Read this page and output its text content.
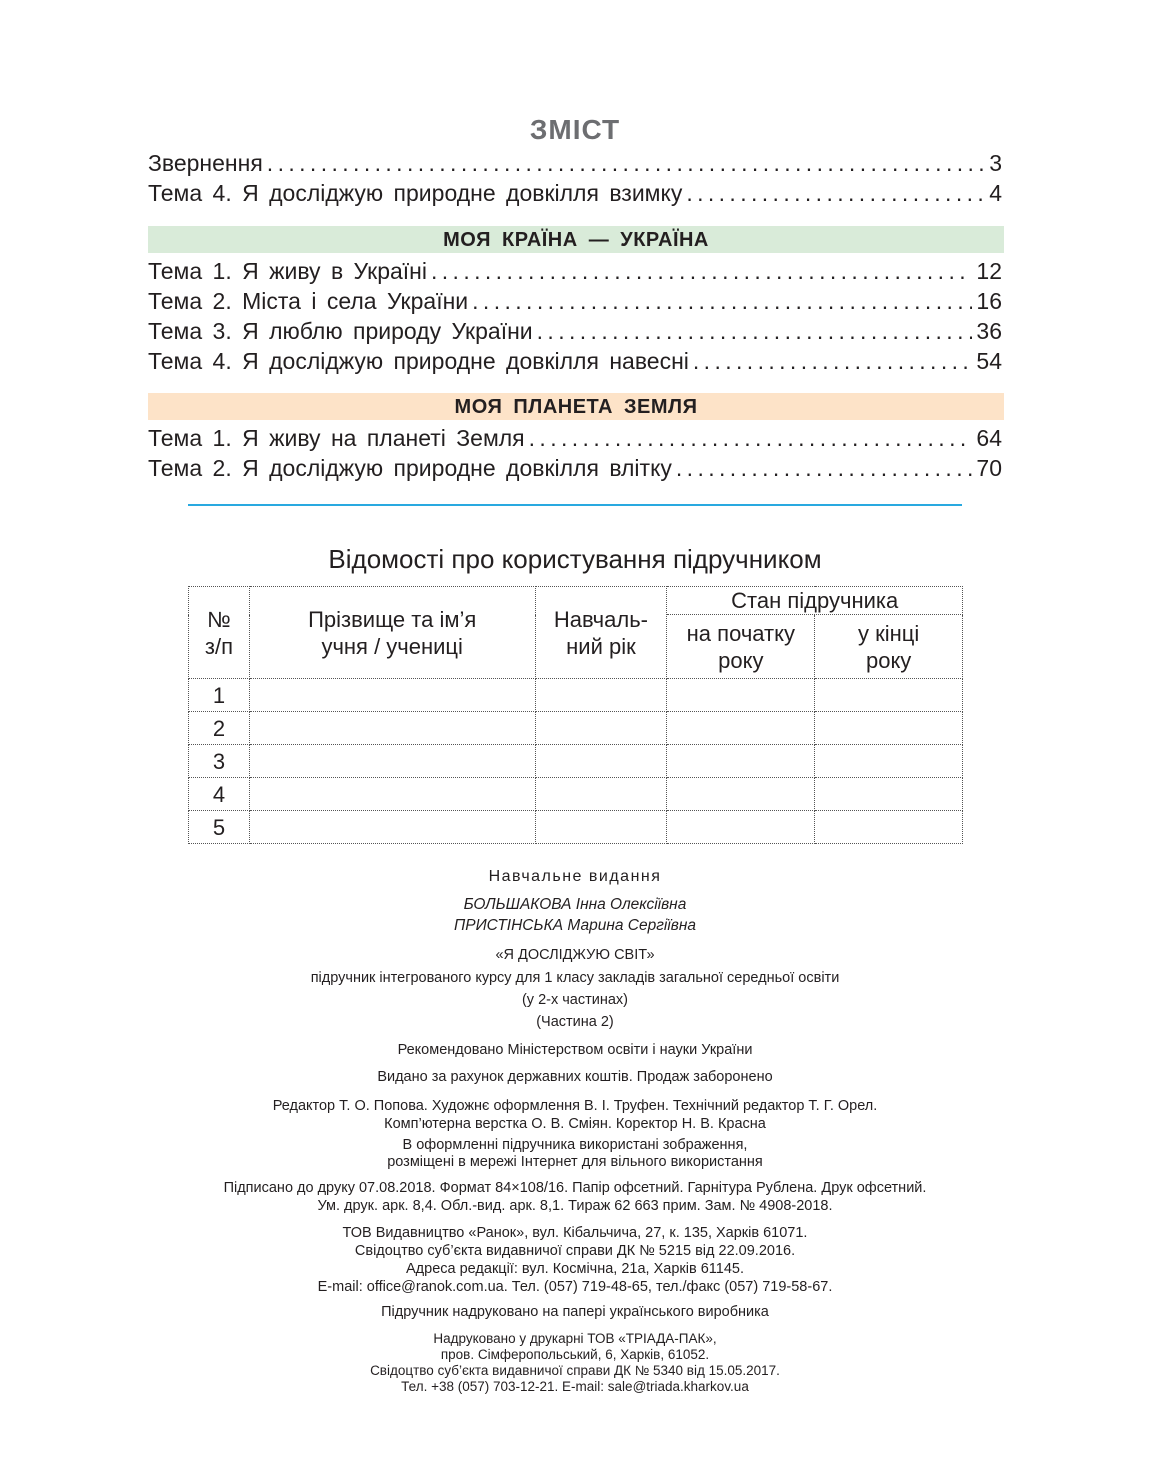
ЗМІСТ
Звернення . . .	3
Тема 4. Я досліджую природне довкілля взимку . . .	4
МОЯ КРАЇНА — УКРАЇНА
Тема 1. Я живу в Україні . . .	12
Тема 2. Міста і села України . . .	16
Тема 3. Я люблю природу України . . .	36
Тема 4. Я досліджую природне довкілля навесні . . .	54
МОЯ ПЛАНЕТА ЗЕМЛЯ
Тема 1. Я живу на планеті Земля . . .	64
Тема 2. Я досліджую природне довкілля влітку . . .	70
Відомості про користування підручником
№ з/п	Прізвище та ім’я учня / учениці	Навчаль-ний рік	Стан підручника	
			на початку року	у кінці року
1				
2				
3				
4				
5				
Навчальне видання
БОЛЬШАКОВА Інна Олексіївна
ПРИСТІНСЬКА Марина Сергіївна
«Я ДОСЛІДЖУЮ СВІТ»
підручник інтегрованого курсу для 1 класу закладів загальної середньої освіти
(у 2-х частинах)
(Частина 2)
Рекомендовано Міністерством освіти і науки України
Видано за рахунок державних коштів. Продаж заборонено
Редактор Т. О. Попова. Художнє оформлення В. І. Труфен. Технічний редактор Т. Г. Орел.
Комп’ютерна верстка О. В. Сміян. Коректор Н. В. Красна
В оформленні підручника використані зображення,
розміщені в мережі Інтернет для вільного використання
Підписано до друку 07.08.2018. Формат 84×108/16. Папір офсетний. Гарнітура Рублена. Друк офсетний.
Ум. друк. арк. 8,4. Обл.-вид. арк. 8,1. Тираж 62 663 прим. Зам. № 4908-2018.
ТОВ Видавництво «Ранок», вул. Кібальчича, 27, к. 135, Харків 61071.
Свідоцтво суб’єкта видавничої справи ДК № 5215 від 22.09.2016.
Адреса редакції: вул. Космічна, 21а, Харків 61145.
E-mail: office@ranok.com.ua. Тел. (057) 719-48-65, тел./факс (057) 719-58-67.
Підручник надруковано на папері українського виробника
Надруковано у друкарні ТОВ «ТРІАДА-ПАК»,
пров. Сімферопольський, 6, Харків, 61052.
Свідоцтво суб’єкта видавничої справи ДК № 5340 від 15.05.2017.
Тел. +38 (057) 703-12-21. E-mail: sale@triada.kharkov.ua
